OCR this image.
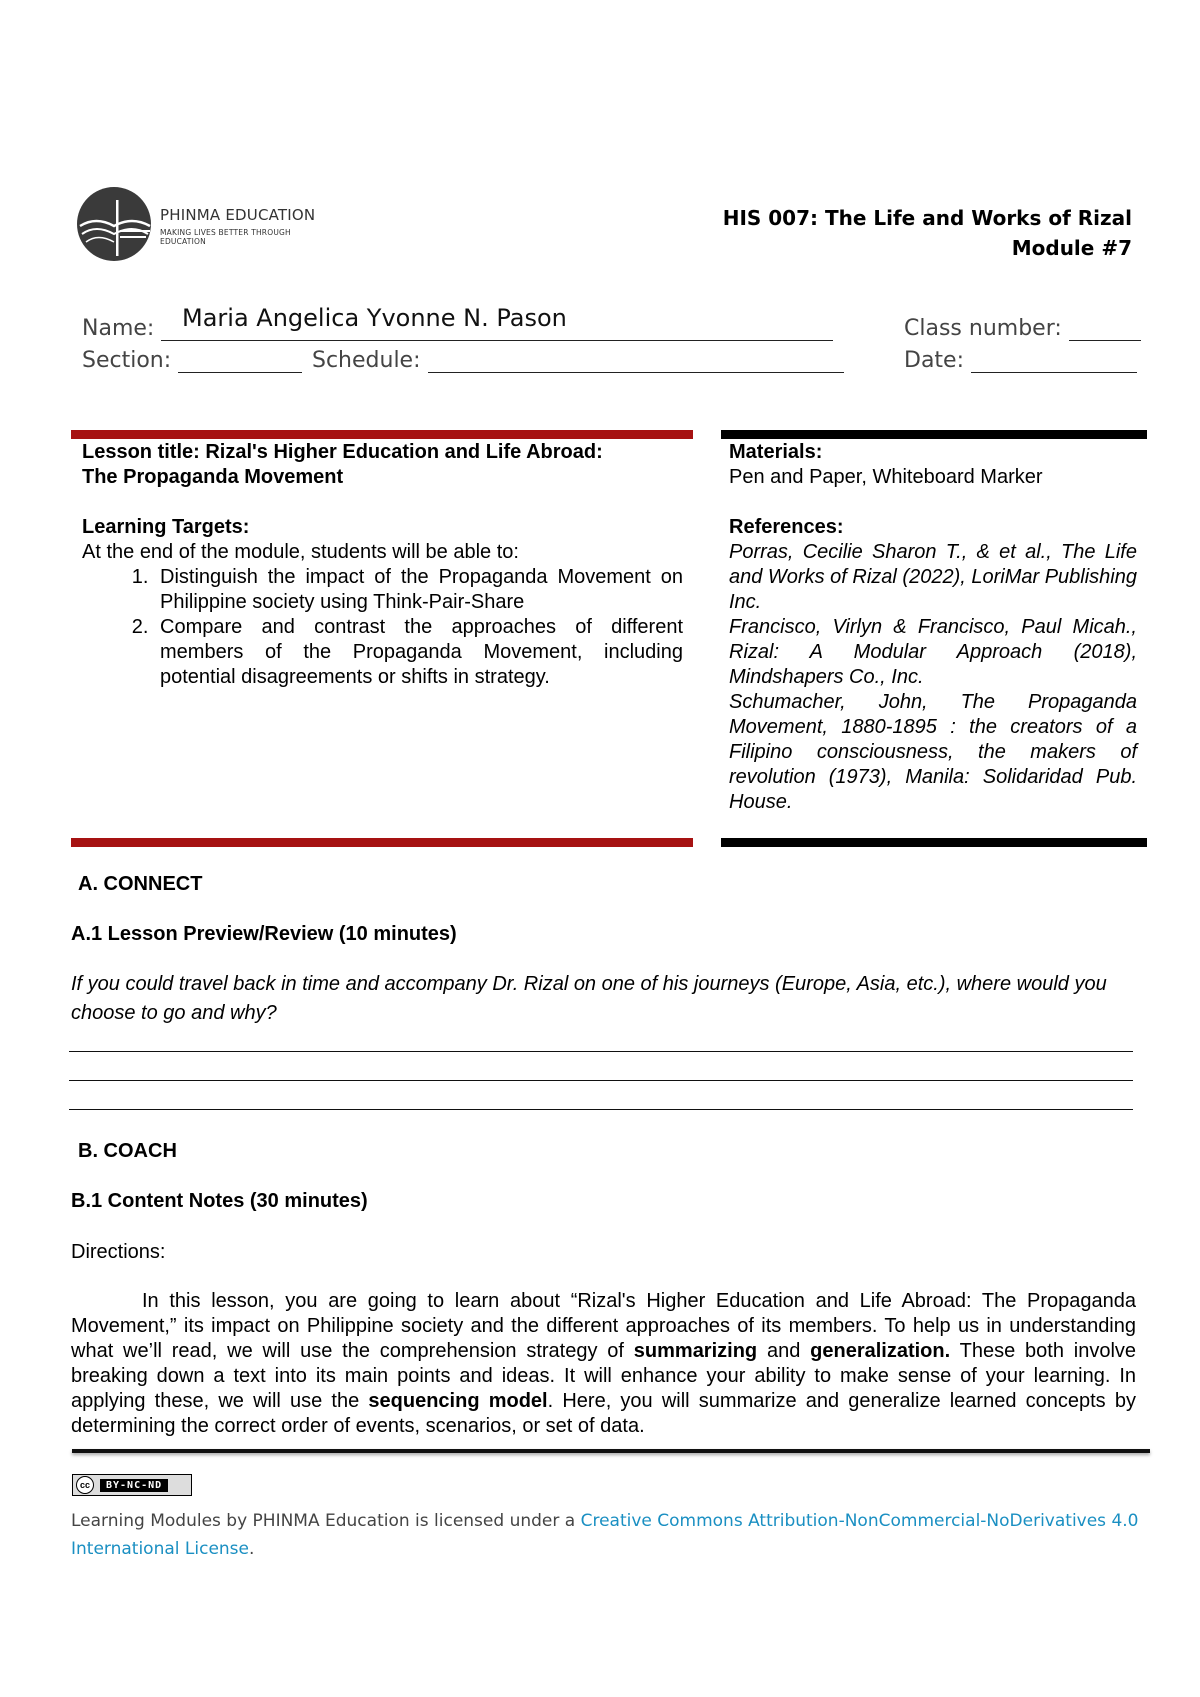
PHINMA EDUCATION
MAKING LIVES BETTER THROUGH EDUCATION
HIS 007: The Life and Works of Rizal
Module #7
Name:	Maria Angelica Yvonne N. Pason	Class number:
Section:	Schedule:	Date:

Lesson title: Rizal's Higher Education and Life Abroad:

The Propaganda Movement

Learning Targets:

At the end of the module, students will be able to:

1. Distinguish the impact of the Propaganda Movement on Philippine society using Think-Pair-Share
2. Compare and contrast the approaches of different members of the Propaganda Movement, including potential disagreements or shifts in strategy.

Materials:

Pen and Paper, Whiteboard Marker

References:

Porras, Cecilie Sharon T., & et al., The Life and Works of Rizal (2022), LoriMar Publishing Inc.

Francisco, Virlyn & Francisco, Paul Micah., Rizal: A Modular Approach (2018), Mindshapers Co., Inc.

Schumacher, John, The Propaganda Movement, 1880-1895 : the creators of a Filipino consciousness, the makers of revolution (1973), Manila: Solidaridad Pub. House.

A. CONNECT
A.1 Lesson Preview/Review (10 minutes)
If you could travel back in time and accompany Dr. Rizal on one of his journeys (Europe, Asia, etc.), where would you choose to go and why?
B. COACH
B.1 Content Notes (30 minutes)
Directions:
In this lesson, you are going to learn about “Rizal's Higher Education and Life Abroad: The Propaganda Movement,” its impact on Philippine society and the different approaches of its members. To help us in understanding what we’ll read, we will use the comprehension strategy of summarizing and generalization. These both involve breaking down a text into its main points and ideas. It will enhance your ability to make sense of your learning. In applying these, we will use the sequencing model. Here, you will summarize and generalize learned concepts by determining the correct order of events, scenarios, or set of data.
cc	BY-NC-ND
Learning Modules by PHINMA Education is licensed under a Creative Commons Attribution-NonCommercial-NoDerivatives 4.0 International License.
